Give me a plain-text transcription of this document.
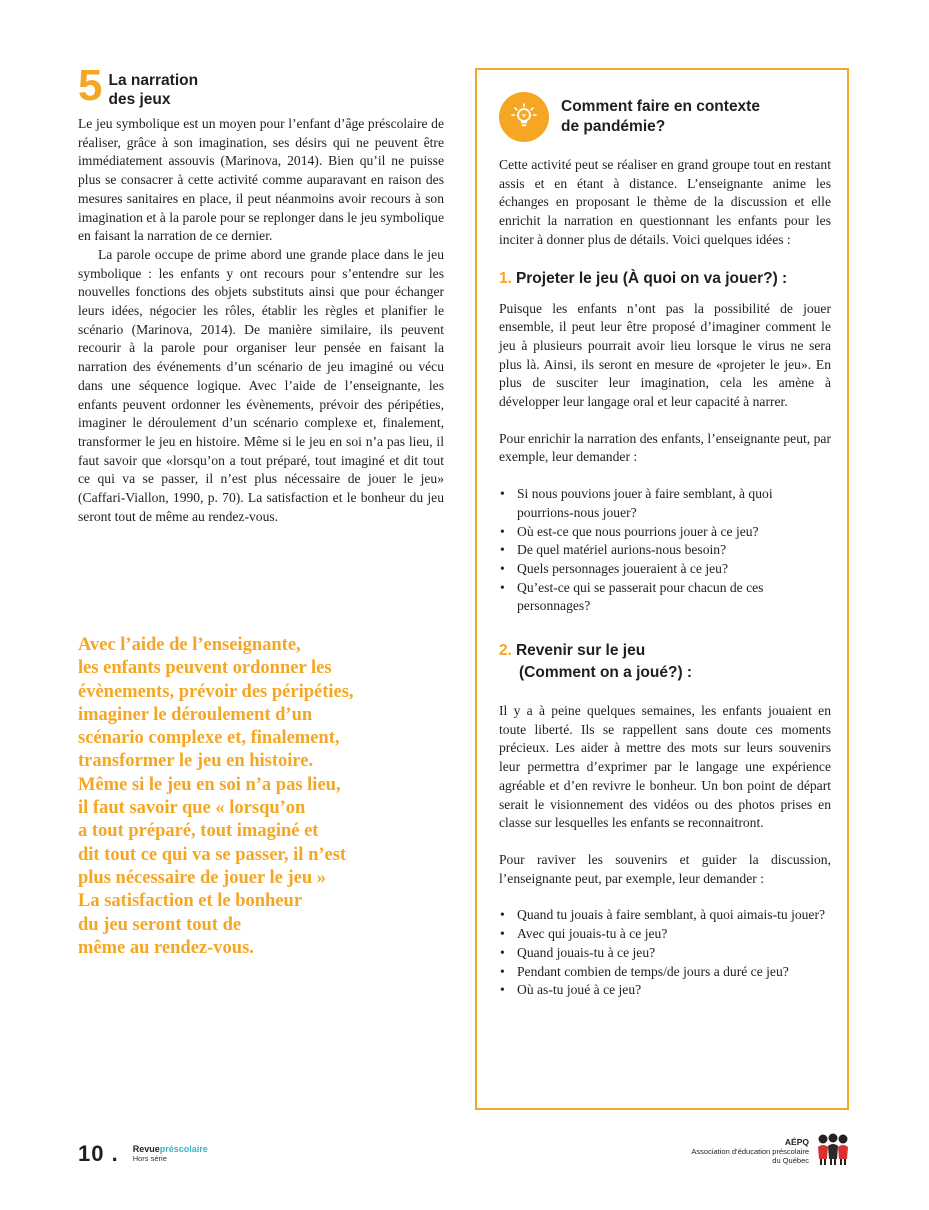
5 La narration
des jeux

Le jeu symbolique est un moyen pour l’enfant d’âge préscolaire de réaliser, grâce à son imagination, ses désirs qui ne peuvent être immédiatement assouvis (Marinova, 2014). Bien qu’il ne puisse plus se consacrer à cette activité comme auparavant en raison des mesures sanitaires en place, il peut néanmoins avoir recours à son imagination et à la parole pour se replonger dans le jeu symbolique en faisant la narration de ce dernier.

La parole occupe de prime abord une grande place dans le jeu symbolique : les enfants y ont recours pour s’entendre sur les nouvelles fonctions des objets substituts ainsi que pour échanger leurs idées, négocier les rôles, établir les règles et planifier le scénario (Marinova, 2014). De manière similaire, ils peuvent recourir à la parole pour organiser leur pensée en faisant la narration des événements d’un scénario de jeu imaginé ou vécu dans une séquence logique. Avec l’aide de l’enseignante, les enfants peuvent ordonner les évènements, prévoir des péripéties, imaginer le déroulement d’un scénario complexe et, finalement, transformer le jeu en histoire. Même si le jeu en soi n’a pas lieu, il faut savoir que «lorsqu’on a tout préparé, tout imaginé et dit tout ce qui va se passer, il n’est plus nécessaire de jouer le jeu» (Caffari-Viallon, 1990, p. 70). La satisfaction et le bonheur du jeu seront tout de même au rendez-vous.

Avec l’aide de l’enseignante,
les enfants peuvent ordonner les
évènements, prévoir des péripéties,
imaginer le déroulement d’un
scénario complexe et, finalement,
transformer le jeu en histoire.
Même si le jeu en soi n’a pas lieu,
il faut savoir que « lorsqu’on
a tout préparé, tout imaginé et
dit tout ce qui va se passer, il n’est
plus nécessaire de jouer le jeu »
La satisfaction et le bonheur
du jeu seront tout de
même au rendez-vous.
Comment faire en contexte
de pandémie?

Cette activité peut se réaliser en grand groupe tout en restant assis et en étant à distance. L’enseignante anime les échanges en proposant le thème de la discussion et elle enrichit la narration en questionnant les enfants pour les inciter à donner plus de détails. Voici quelques idées :

1. Projeter le jeu (À quoi on va jouer?) :

Puisque les enfants n’ont pas la possibilité de jouer ensemble, il peut leur être proposé d’imaginer comment le jeu à plusieurs pourrait avoir lieu lorsque le virus ne sera plus là. Ainsi, ils seront en mesure de «projeter le jeu». En plus de susciter leur imagination, cela les amène à développer leur langage oral et leur capacité à narrer.

Pour enrichir la narration des enfants, l’enseignante peut, par exemple, leur demander :

• Si nous pouvions jouer à faire semblant, à quoi pourrions-nous jouer?
• Où est-ce que nous pourrions jouer à ce jeu?
• De quel matériel aurions-nous besoin?
• Quels personnages joueraient à ce jeu?
• Qu’est-ce qui se passerait pour chacun de ces personnages?
2. Revenir sur le jeu
(Comment on a joué?) :

Il y a à peine quelques semaines, les enfants jouaient en toute liberté. Ils se rappellent sans doute ces moments précieux. Les aider à mettre des mots sur leurs souvenirs leur permettra d’exprimer par le langage une expérience agréable et d’en revivre le bonheur. Un bon point de départ serait le visionnement des vidéos ou des photos prises en classe sur lesquelles les enfants se reconnaitront.

Pour raviver les souvenirs et guider la discussion, l’enseignante peut, par exemple, leur demander :

• Quand tu jouais à faire semblant, à quoi aimais-tu jouer?
• Avec qui jouais-tu à ce jeu?
• Quand jouais-tu à ce jeu?
• Pendant combien de temps/de jours a duré ce jeu?
• Où as-tu joué à ce jeu?
10 . Revuepréscolaire
Hors série
AÉPQ
Association d’éducation préscolaire
du Québec
